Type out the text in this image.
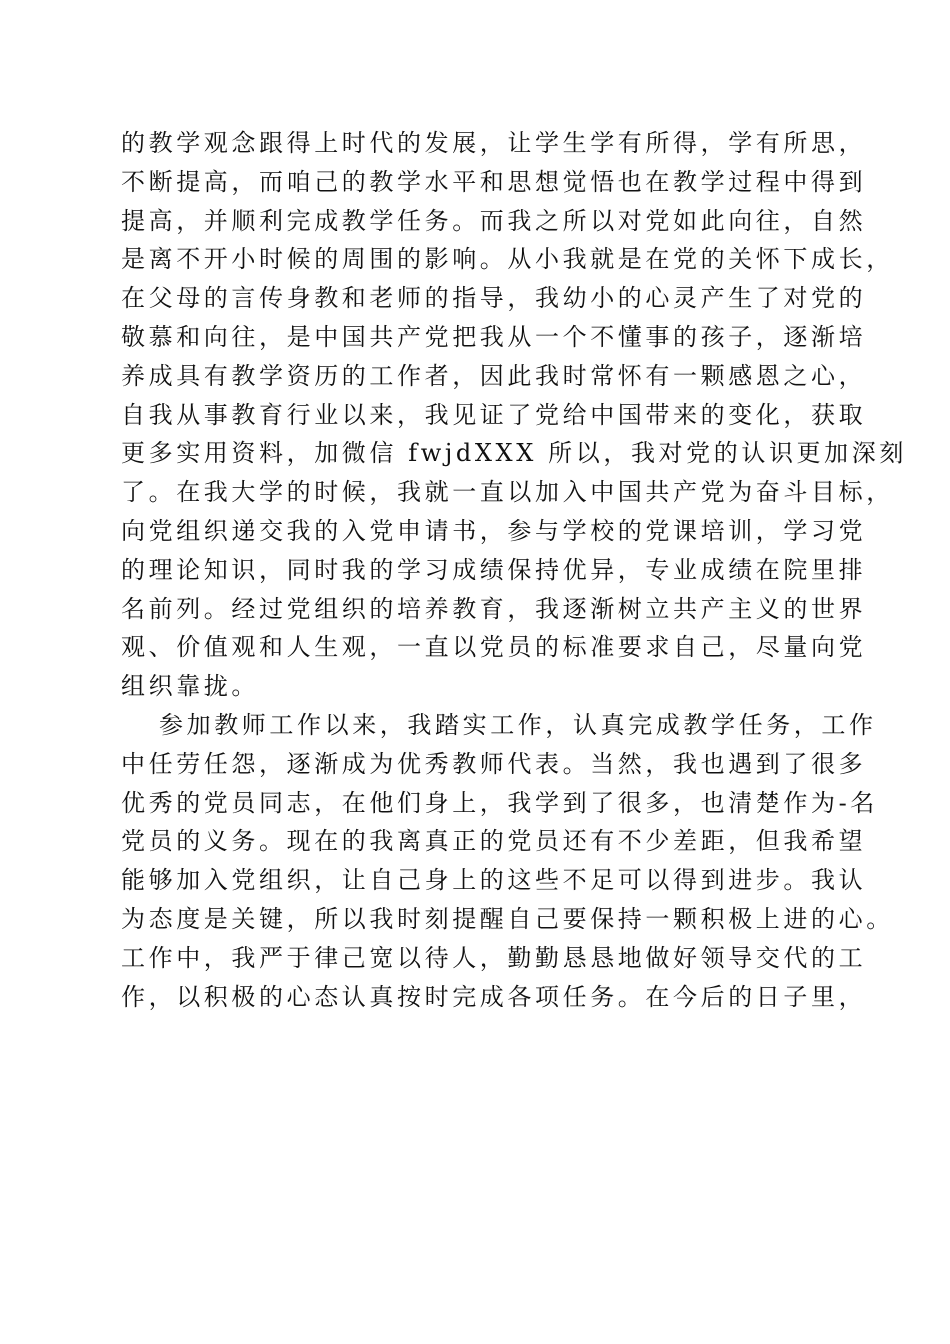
的教学观念跟得上时代的发展，让学生学有所得，学有所思，
不断提高，而咱己的教学水平和思想觉悟也在教学过程中得到
提高，并顺利完成教学任务。而我之所以对党如此向往，自然
是离不开小时候的周围的影响。从小我就是在党的关怀下成长，
在父母的言传身教和老师的指导，我幼小的心灵产生了对党的
敬慕和向往，是中国共产党把我从一个不懂事的孩子，逐渐培
养成具有教学资历的工作者，因此我时常怀有一颗感恩之心，
自我从事教育行业以来，我见证了党给中国带来的变化，获取
更多实用资料，加微信 fwjdXXX 所以，我对党的认识更加深刻
了。在我大学的时候，我就一直以加入中国共产党为奋斗目标，
向党组织递交我的入党申请书，参与学校的党课培训，学习党
的理论知识，同时我的学习成绩保持优异，专业成绩在院里排
名前列。经过党组织的培养教育，我逐渐树立共产主义的世界
观、价值观和人生观，一直以党员的标准要求自己，尽量向党
组织靠拢。
参加教师工作以来，我踏实工作，认真完成教学任务，工作
中任劳任怨，逐渐成为优秀教师代表。当然，我也遇到了很多
优秀的党员同志，在他们身上，我学到了很多，也清楚作为-名
党员的义务。现在的我离真正的党员还有不少差距，但我希望
能够加入党组织，让自己身上的这些不足可以得到进步。我认
为态度是关键，所以我时刻提醒自己要保持一颗积极上进的心。
工作中，我严于律己宽以待人，勤勤恳恳地做好领导交代的工
作，以积极的心态认真按时完成各项任务。在今后的日子里，
